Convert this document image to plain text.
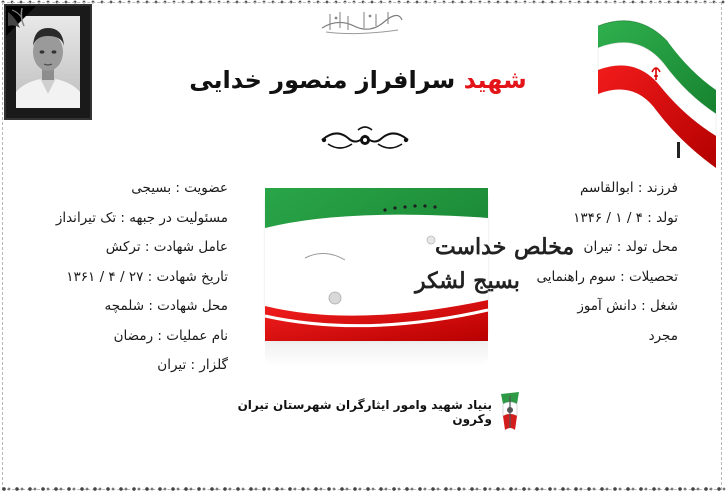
شهید سرافراز منصور خدایی
فرزند : ابوالقاسم
تولد : ۴ / ۱ / ۱۳۴۶
محل تولد : تیران
تحصیلات : سوم راهنمایی
شغل : دانش آموز
مجرد
عضویت : بسیجی
مسئولیت در جبهه : تک تیرانداز
عامل شهادت : ترکش
تاریخ شهادت : ۲۷ / ۴ / ۱۳۶۱
محل شهادت : شلمچه
نام عملیات : رمضان
گلزار : تیران
مخلص خداست
بسیج لشکر
بنیاد شهید وامور ایثارگران شهرستان تیران وکرون
